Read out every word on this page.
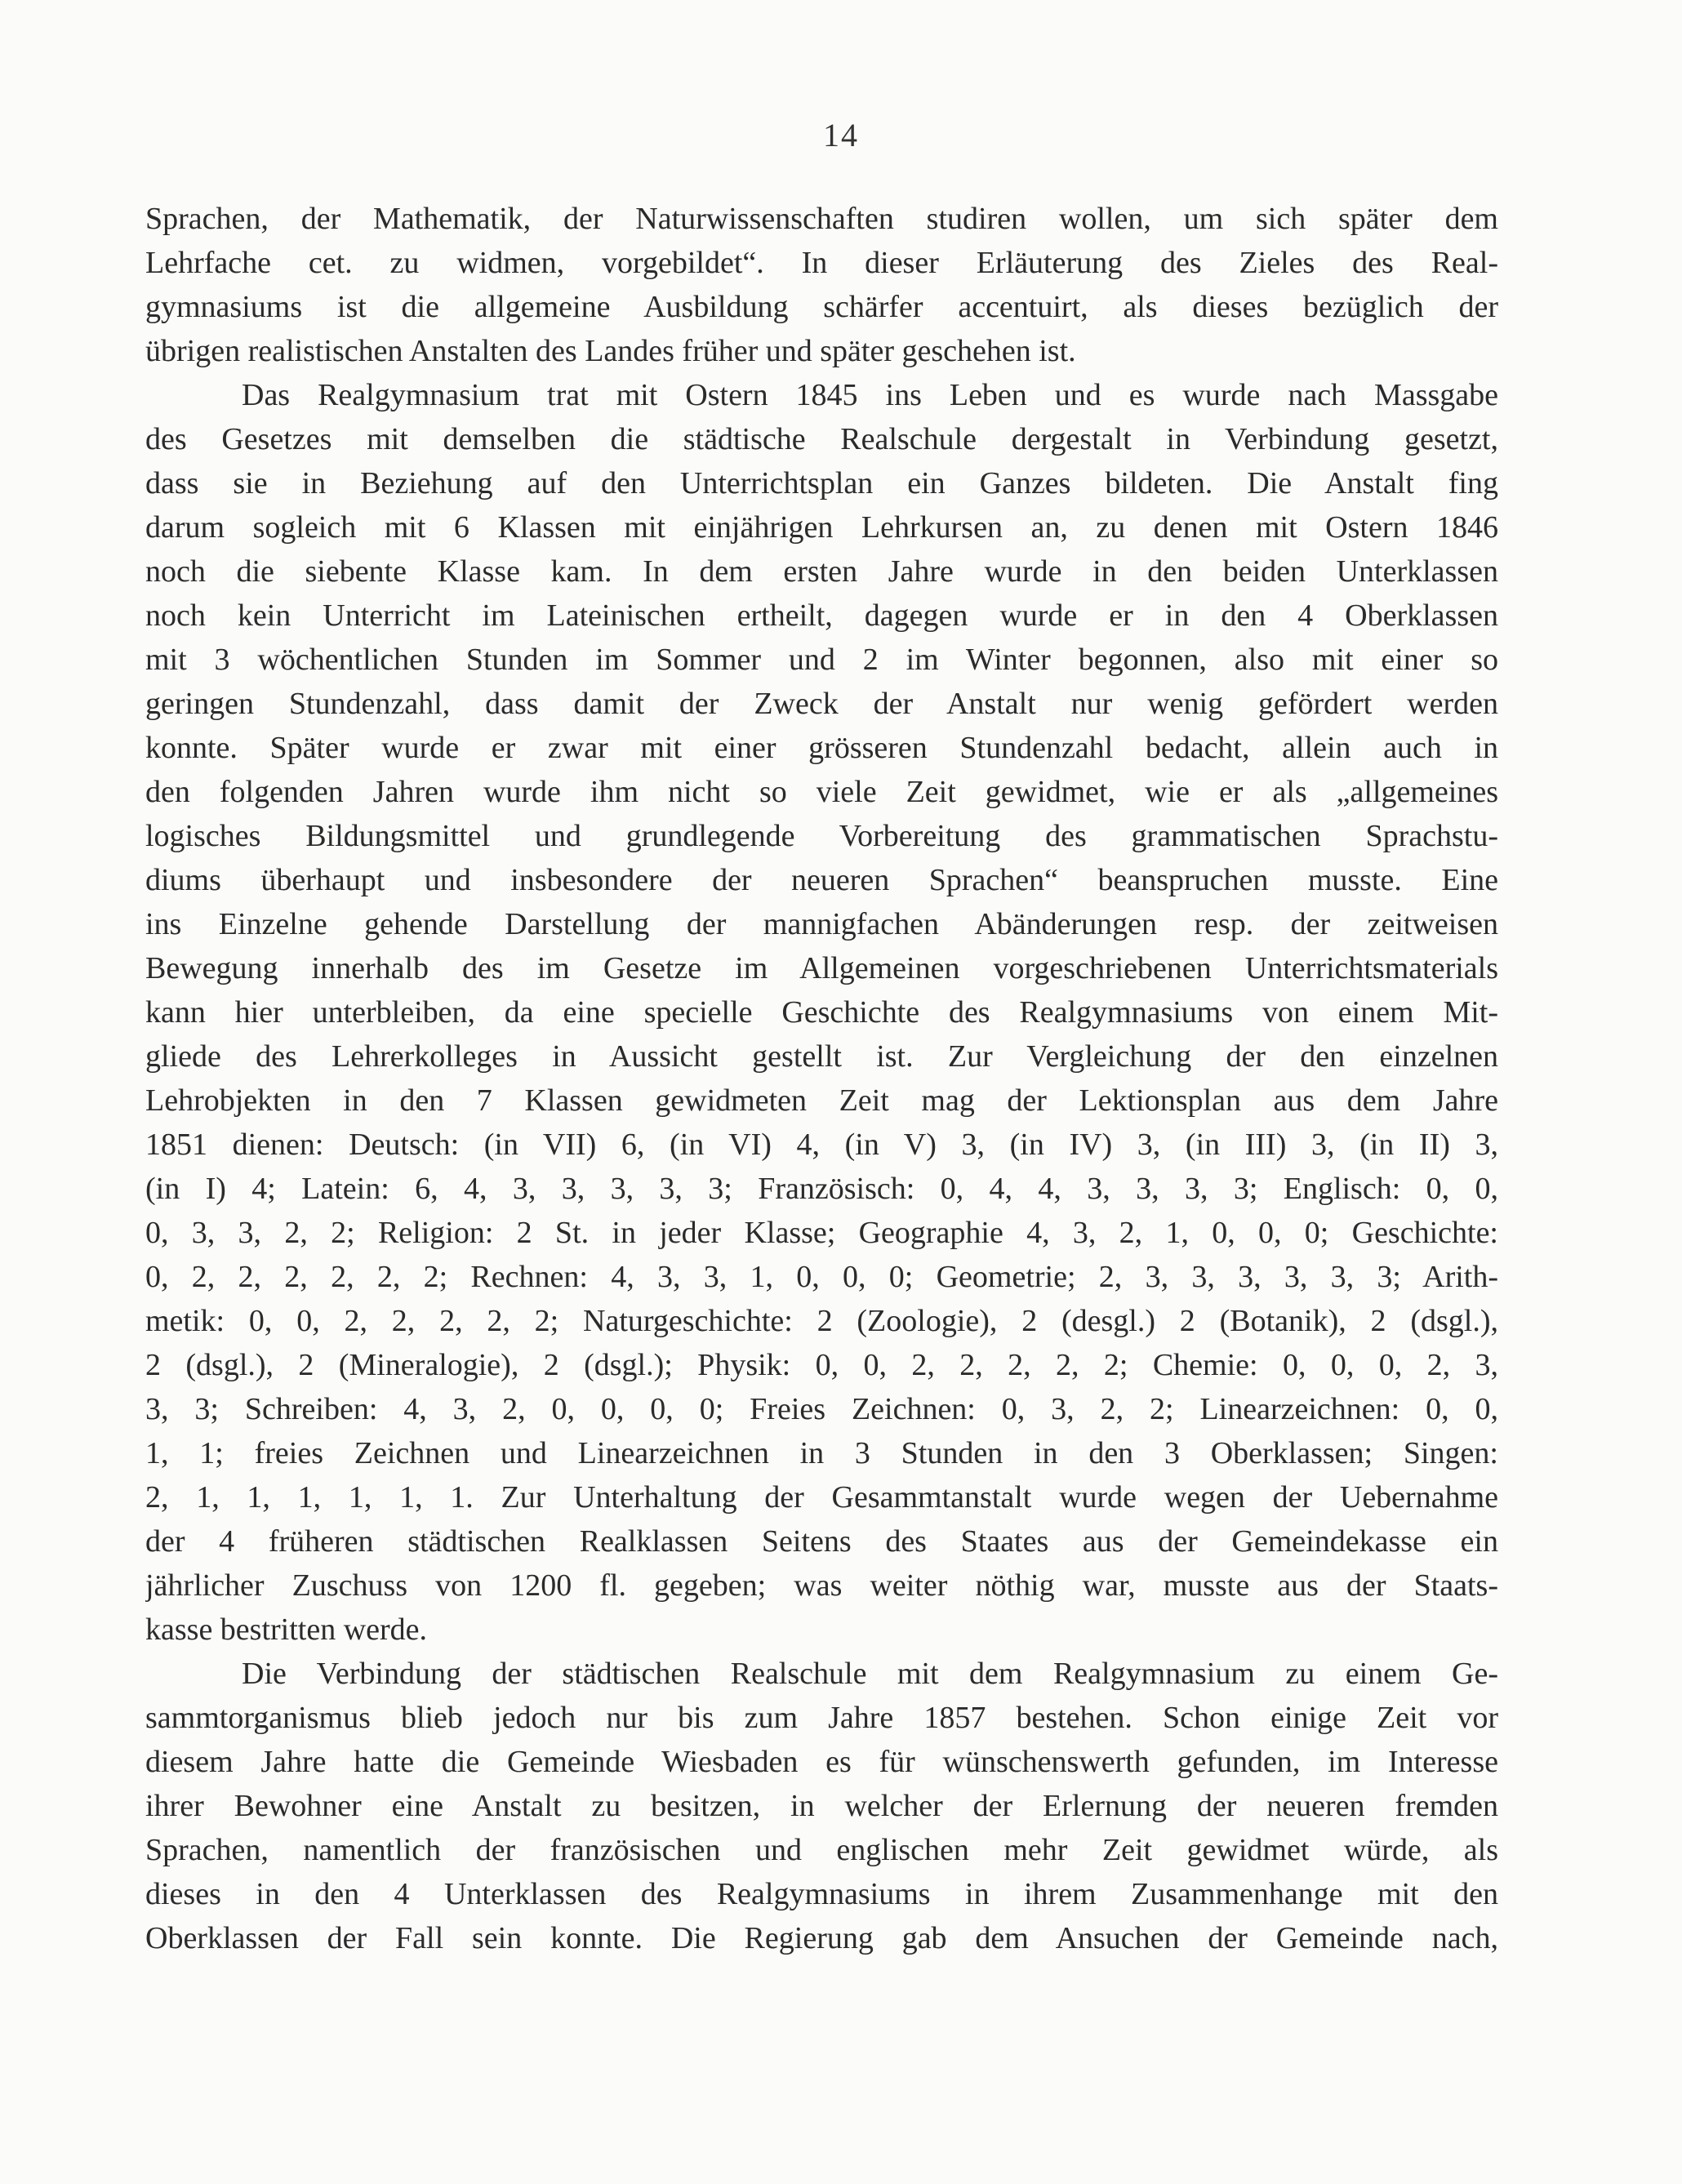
14
Sprachen, der Mathematik, der Naturwissenschaften studiren wollen, um sich später dem
Lehrfache cet. zu widmen, vorgebildet“. In dieser Erläuterung des Zieles des Real-
gymnasiums ist die allgemeine Ausbildung schärfer accentuirt, als dieses bezüglich der
übrigen realistischen Anstalten des Landes früher und später geschehen ist.
Das Realgymnasium trat mit Ostern 1845 ins Leben und es wurde nach Massgabe
des Gesetzes mit demselben die städtische Realschule dergestalt in Verbindung gesetzt,
dass sie in Beziehung auf den Unterrichtsplan ein Ganzes bildeten. Die Anstalt fing
darum sogleich mit 6 Klassen mit einjährigen Lehrkursen an, zu denen mit Ostern 1846
noch die siebente Klasse kam. In dem ersten Jahre wurde in den beiden Unterklassen
noch kein Unterricht im Lateinischen ertheilt, dagegen wurde er in den 4 Oberklassen
mit 3 wöchentlichen Stunden im Sommer und 2 im Winter begonnen, also mit einer so
geringen Stundenzahl, dass damit der Zweck der Anstalt nur wenig gefördert werden
konnte. Später wurde er zwar mit einer grösseren Stundenzahl bedacht, allein auch in
den folgenden Jahren wurde ihm nicht so viele Zeit gewidmet, wie er als „allgemeines
logisches Bildungsmittel und grundlegende Vorbereitung des grammatischen Sprachstu-
diums überhaupt und insbesondere der neueren Sprachen“ beanspruchen musste. Eine
ins Einzelne gehende Darstellung der mannigfachen Abänderungen resp. der zeitweisen
Bewegung innerhalb des im Gesetze im Allgemeinen vorgeschriebenen Unterrichtsmaterials
kann hier unterbleiben, da eine specielle Geschichte des Realgymnasiums von einem Mit-
gliede des Lehrerkolleges in Aussicht gestellt ist. Zur Vergleichung der den einzelnen
Lehrobjekten in den 7 Klassen gewidmeten Zeit mag der Lektionsplan aus dem Jahre
1851 dienen: Deutsch: (in VII) 6, (in VI) 4, (in V) 3, (in IV) 3, (in III) 3, (in II) 3,
(in I) 4; Latein: 6, 4, 3, 3, 3, 3, 3; Französisch: 0, 4, 4, 3, 3, 3, 3; Englisch: 0, 0,
0, 3, 3, 2, 2; Religion: 2 St. in jeder Klasse; Geographie 4, 3, 2, 1, 0, 0, 0; Geschichte:
0, 2, 2, 2, 2, 2, 2; Rechnen: 4, 3, 3, 1, 0, 0, 0; Geometrie; 2, 3, 3, 3, 3, 3, 3; Arith-
metik: 0, 0, 2, 2, 2, 2, 2; Naturgeschichte: 2 (Zoologie), 2 (desgl.) 2 (Botanik), 2 (dsgl.),
2 (dsgl.), 2 (Mineralogie), 2 (dsgl.); Physik: 0, 0, 2, 2, 2, 2, 2; Chemie: 0, 0, 0, 2, 3,
3, 3; Schreiben: 4, 3, 2, 0, 0, 0, 0; Freies Zeichnen: 0, 3, 2, 2; Linearzeichnen: 0, 0,
1, 1; freies Zeichnen und Linearzeichnen in 3 Stunden in den 3 Oberklassen; Singen:
2, 1, 1, 1, 1, 1, 1. Zur Unterhaltung der Gesammtanstalt wurde wegen der Uebernahme
der 4 früheren städtischen Realklassen Seitens des Staates aus der Gemeindekasse ein
jährlicher Zuschuss von 1200 fl. gegeben; was weiter nöthig war, musste aus der Staats-
kasse bestritten werde.
Die Verbindung der städtischen Realschule mit dem Realgymnasium zu einem Ge-
sammtorganismus blieb jedoch nur bis zum Jahre 1857 bestehen. Schon einige Zeit vor
diesem Jahre hatte die Gemeinde Wiesbaden es für wünschenswerth gefunden, im Interesse
ihrer Bewohner eine Anstalt zu besitzen, in welcher der Erlernung der neueren fremden
Sprachen, namentlich der französischen und englischen mehr Zeit gewidmet würde, als
dieses in den 4 Unterklassen des Realgymnasiums in ihrem Zusammenhange mit den
Oberklassen der Fall sein konnte. Die Regierung gab dem Ansuchen der Gemeinde nach,
